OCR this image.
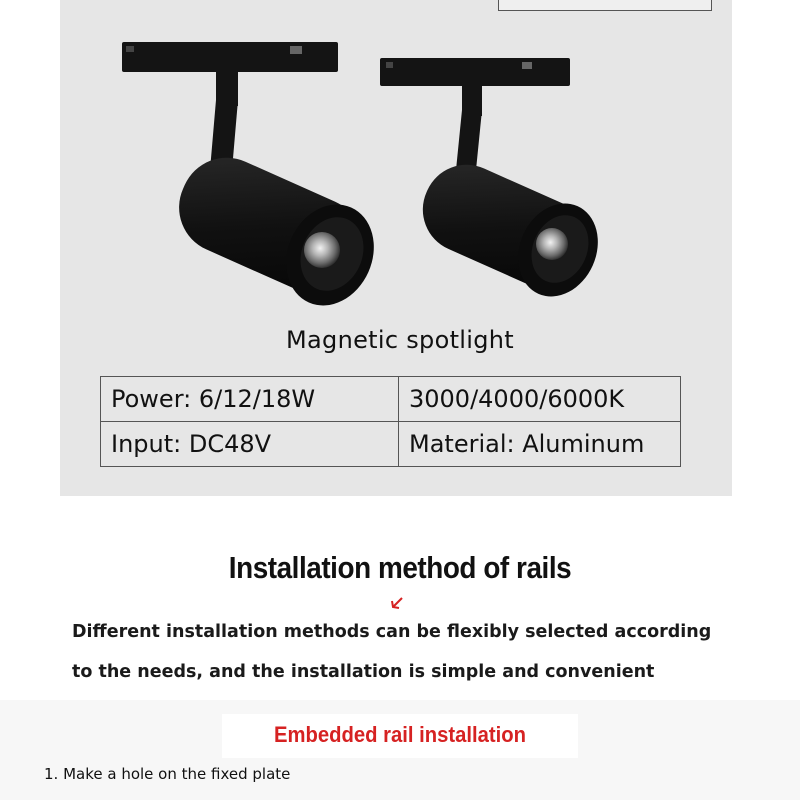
Magnetic spotlight
Power: 6/12/18W	3000/4000/6000K
Input: DC48V	Material: Aluminum
Installation method of rails
Different installation methods can be flexibly selected according
to the needs, and the installation is simple and convenient
Embedded rail installation
1. Make a hole on the fixed plate
